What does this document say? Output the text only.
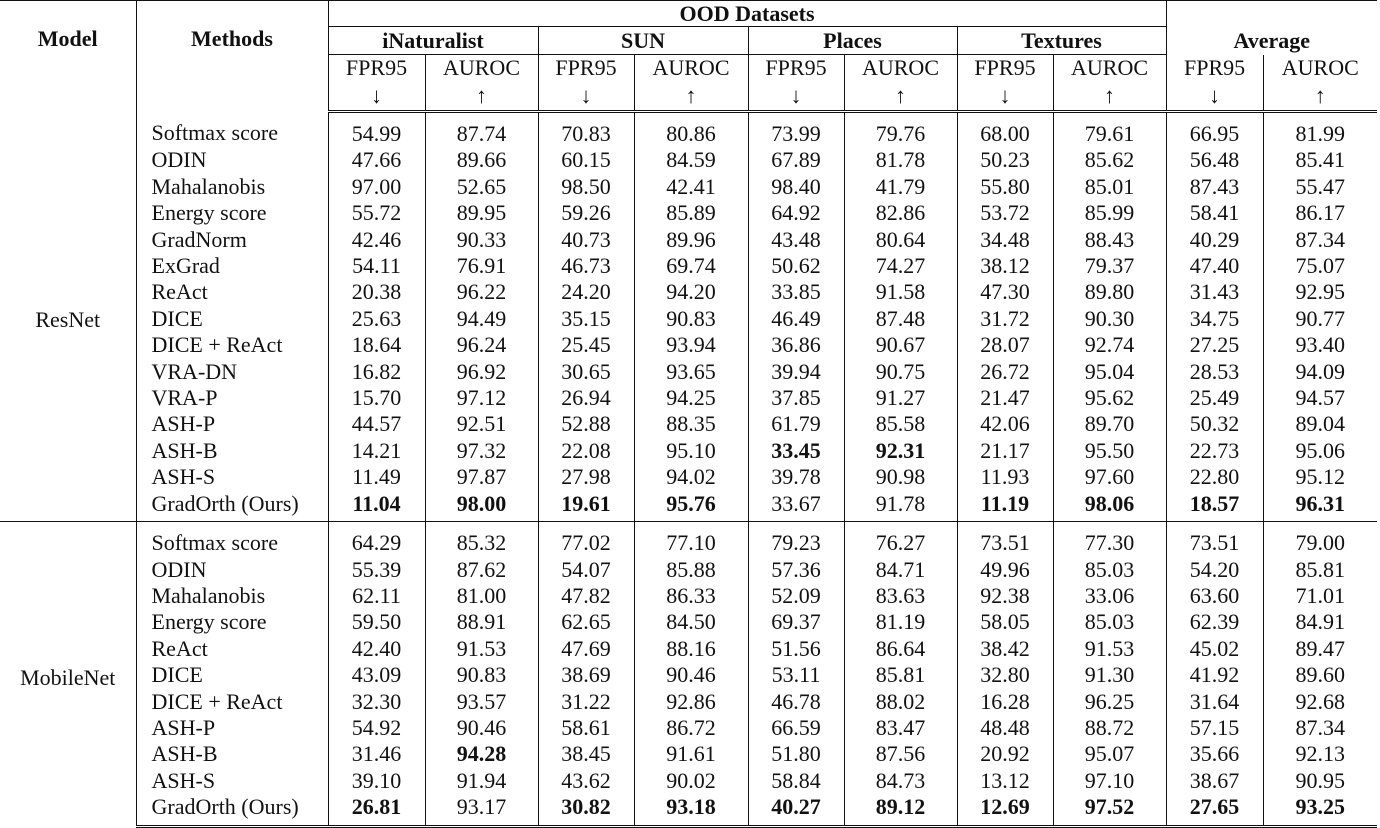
Model	Methods	OOD Datasets									
		iNaturalist		SUN		Places		Textures		Average	
		FPR95	AUROC	FPR95	AUROC	FPR95	AUROC	FPR95	AUROC	FPR95	AUROC
		↓	↑	↓	↑	↓	↑	↓	↑	↓	↑
ResNet	Softmax score	54.99	87.74	70.83	80.86	73.99	79.76	68.00	79.61	66.95	81.99
	ODIN	47.66	89.66	60.15	84.59	67.89	81.78	50.23	85.62	56.48	85.41
	Mahalanobis	97.00	52.65	98.50	42.41	98.40	41.79	55.80	85.01	87.43	55.47
	Energy score	55.72	89.95	59.26	85.89	64.92	82.86	53.72	85.99	58.41	86.17
	GradNorm	42.46	90.33	40.73	89.96	43.48	80.64	34.48	88.43	40.29	87.34
	ExGrad	54.11	76.91	46.73	69.74	50.62	74.27	38.12	79.37	47.40	75.07
	ReAct	20.38	96.22	24.20	94.20	33.85	91.58	47.30	89.80	31.43	92.95
	DICE	25.63	94.49	35.15	90.83	46.49	87.48	31.72	90.30	34.75	90.77
	DICE + ReAct	18.64	96.24	25.45	93.94	36.86	90.67	28.07	92.74	27.25	93.40
	VRA-DN	16.82	96.92	30.65	93.65	39.94	90.75	26.72	95.04	28.53	94.09
	VRA-P	15.70	97.12	26.94	94.25	37.85	91.27	21.47	95.62	25.49	94.57
	ASH-P	44.57	92.51	52.88	88.35	61.79	85.58	42.06	89.70	50.32	89.04
	ASH-B	14.21	97.32	22.08	95.10	33.45	92.31	21.17	95.50	22.73	95.06
	ASH-S	11.49	97.87	27.98	94.02	39.78	90.98	11.93	97.60	22.80	95.12
	GradOrth (Ours)	11.04	98.00	19.61	95.76	33.67	91.78	11.19	98.06	18.57	96.31
MobileNet	Softmax score	64.29	85.32	77.02	77.10	79.23	76.27	73.51	77.30	73.51	79.00
	ODIN	55.39	87.62	54.07	85.88	57.36	84.71	49.96	85.03	54.20	85.81
	Mahalanobis	62.11	81.00	47.82	86.33	52.09	83.63	92.38	33.06	63.60	71.01
	Energy score	59.50	88.91	62.65	84.50	69.37	81.19	58.05	85.03	62.39	84.91
	ReAct	42.40	91.53	47.69	88.16	51.56	86.64	38.42	91.53	45.02	89.47
	DICE	43.09	90.83	38.69	90.46	53.11	85.81	32.80	91.30	41.92	89.60
	DICE + ReAct	32.30	93.57	31.22	92.86	46.78	88.02	16.28	96.25	31.64	92.68
	ASH-P	54.92	90.46	58.61	86.72	66.59	83.47	48.48	88.72	57.15	87.34
	ASH-B	31.46	94.28	38.45	91.61	51.80	87.56	20.92	95.07	35.66	92.13
	ASH-S	39.10	91.94	43.62	90.02	58.84	84.73	13.12	97.10	38.67	90.95
	GradOrth (Ours)	26.81	93.17	30.82	93.18	40.27	89.12	12.69	97.52	27.65	93.25
